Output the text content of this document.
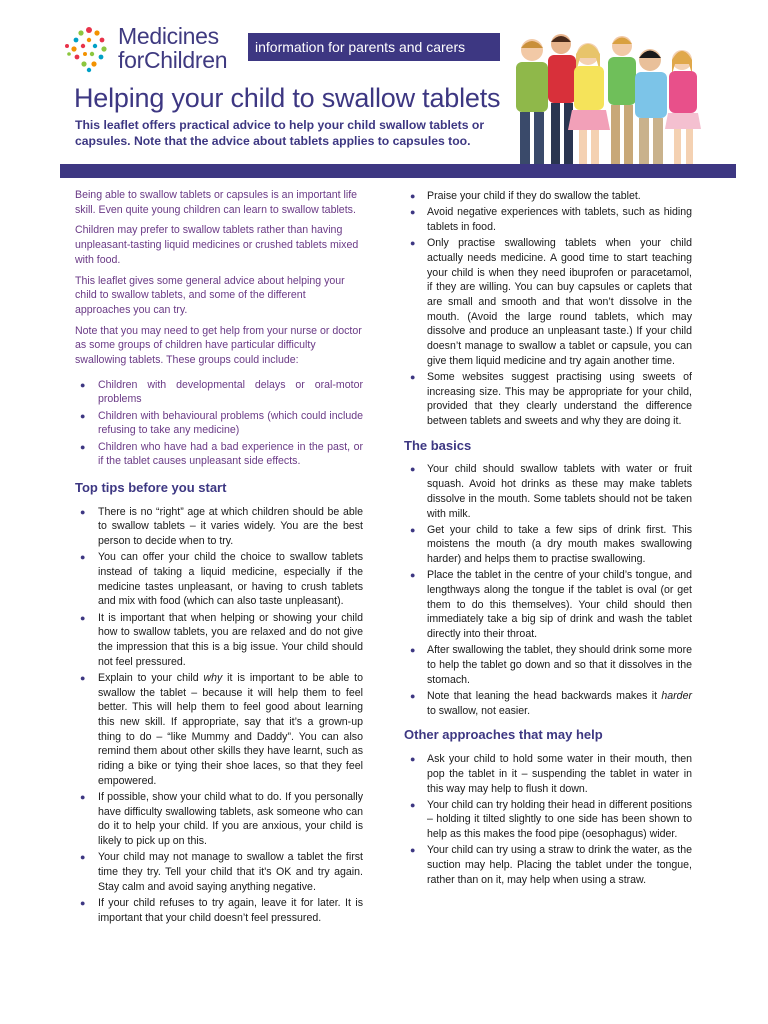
Medicines
forChildren	information for parents and carers
Helping your child to swallow tablets

This leaflet offers practical advice to help your child swallow tablets or capsules. Note that the advice about tablets applies to capsules too.

Being able to swallow tablets or capsules is an important life skill. Even quite young children can learn to swallow tablets.

Children may prefer to swallow tablets rather than having unpleasant-tasting liquid medicines or crushed tablets mixed with food.

This leaflet gives some general advice about helping your child to swallow tablets, and some of the different approaches you can try.

Note that you may need to get help from your nurse or doctor as some groups of children have particular difficulty swallowing tablets. These groups could include:

● Children with developmental delays or oral-motor problems
● Children with behavioural problems (which could include refusing to take any medicine)
● Children who have had a bad experience in the past, or if the tablet causes unpleasant side effects.
Top tips before you start
● There is no “right” age at which children should be able to swallow tablets – it varies widely. You are the best person to decide when to try.
● You can offer your child the choice to swallow tablets instead of taking a liquid medicine, especially if the medicine tastes unpleasant, or having to crush tablets and mix with food (which can also taste unpleasant).
● It is important that when helping or showing your child how to swallow tablets, you are relaxed and do not give the impression that this is a big issue. Your child should not feel pressured.
● Explain to your child why it is important to be able to swallow the tablet – because it will help them to feel better. This will help them to feel good about learning this new skill. If appropriate, say that it’s a grown-up thing to do – “like Mummy and Daddy”. You can also remind them about other skills they have learnt, such as riding a bike or tying their shoe laces, so that they feel empowered.
● If possible, show your child what to do. If you personally have difficulty swallowing tablets, ask someone who can do it to help your child. If you are anxious, your child is likely to pick up on this.
● Your child may not manage to swallow a tablet the first time they try. Tell your child that it's OK and try again. Stay calm and avoid saying anything negative.
● If your child refuses to try again, leave it for later. It is important that your child doesn’t feel pressured.
● Praise your child if they do swallow the tablet.
● Avoid negative experiences with tablets, such as hiding tablets in food.
● Only practise swallowing tablets when your child actually needs medicine. A good time to start teaching your child is when they need ibuprofen or paracetamol, if they are willing. You can buy capsules or caplets that are small and smooth and that won’t dissolve in the mouth. (Avoid the large round tablets, which may dissolve and produce an unpleasant taste.) If your child doesn’t manage to swallow a tablet or capsule, you can give them liquid medicine and try again another time.
● Some websites suggest practising using sweets of increasing size. This may be appropriate for your child, provided that they clearly understand the difference between tablets and sweets and why they are doing it.
The basics
● Your child should swallow tablets with water or fruit squash. Avoid hot drinks as these may make tablets dissolve in the mouth. Some tablets should not be taken with milk.
● Get your child to take a few sips of drink first. This moistens the mouth (a dry mouth makes swallowing harder) and helps them to practise swallowing.
● Place the tablet in the centre of your child’s tongue, and lengthways along the tongue if the tablet is oval (or get them to do this themselves). Your child should then immediately take a big sip of drink and wash the tablet directly into their throat.
● After swallowing the tablet, they should drink some more to help the tablet go down and so that it dissolves in the stomach.
● Note that leaning the head backwards makes it harder to swallow, not easier.
Other approaches that may help
● Ask your child to hold some water in their mouth, then pop the tablet in it – suspending the tablet in water in this way may help to flush it down.
● Your child can try holding their head in different positions – holding it tilted slightly to one side has been shown to help as this makes the food pipe (oesophagus) wider.
● Your child can try using a straw to drink the water, as the suction may help. Placing the tablet under the tongue, rather than on it, may help when using a straw.
